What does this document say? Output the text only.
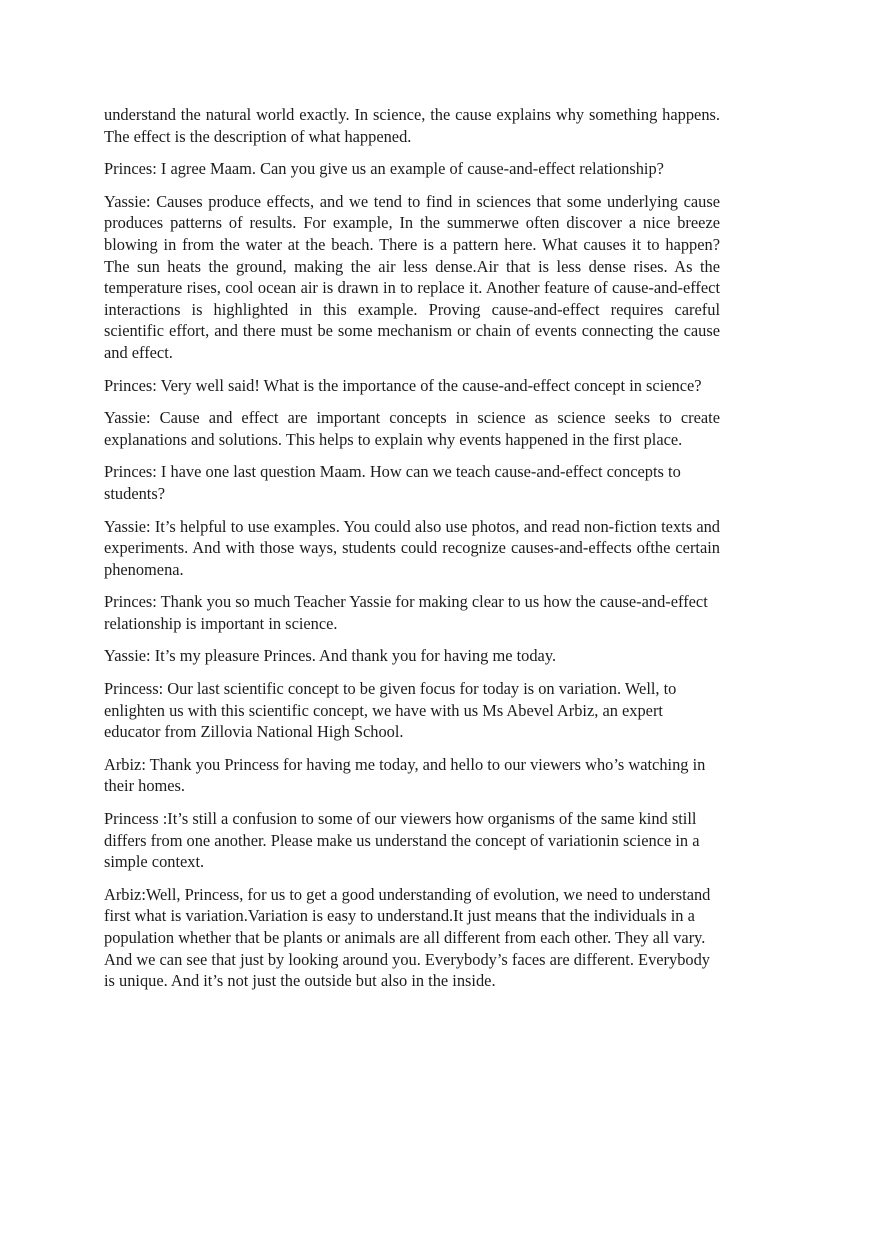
understand the natural world exactly. In science, the cause explains why something happens. The effect is the description of what happened.

Princes: I agree Maam. Can you give us an example of cause-and-effect relationship?

Yassie: Causes produce effects, and we tend to find in sciences that some underlying cause produces patterns of results. For example, In the summerwe often discover a nice breeze blowing in from the water at the beach. There is a pattern here. What causes it to happen? The sun heats the ground, making the air less dense.Air that is less dense rises. As the temperature rises, cool ocean air is drawn in to replace it. Another feature of cause-and-effect interactions is highlighted in this example. Proving cause-and-effect requires careful scientific effort, and there must be some mechanism or chain of events connecting the cause and effect.

Princes: Very well said! What is the importance of the cause-and-effect concept in science?

Yassie: Cause and effect are important concepts in science as science seeks to create explanations and solutions. This helps to explain why events happened in the first place.

Princes: I have one last question Maam. How can we teach cause-and-effect concepts to students?

Yassie: It’s helpful to use examples. You could also use photos, and read non-fiction texts and experiments. And with those ways, students could recognize causes-and-effects ofthe certain phenomena.

Princes: Thank you so much Teacher Yassie for making clear to us how the cause-and-effect relationship is important in science.

Yassie: It’s my pleasure Princes. And thank you for having me today.

Princess: Our last scientific concept to be given focus for today is on variation. Well, to enlighten us with this scientific concept, we have with us Ms Abevel Arbiz, an expert educator from Zillovia National High School.

Arbiz: Thank you Princess for having me today, and hello to our viewers who’s watching in their homes.

Princess :It’s still a confusion to some of our viewers how organisms of the same kind still differs from one another. Please make us understand the concept of variationin science in a simple context.

Arbiz:Well, Princess, for us to get a good understanding of evolution, we need to understand first what is variation.Variation is easy to understand.It just means that the individuals in a population whether that be plants or animals are all different from each other. They all vary. And we can see that just by looking around you. Everybody’s faces are different. Everybody is unique. And it’s not just the outside but also in the inside.
